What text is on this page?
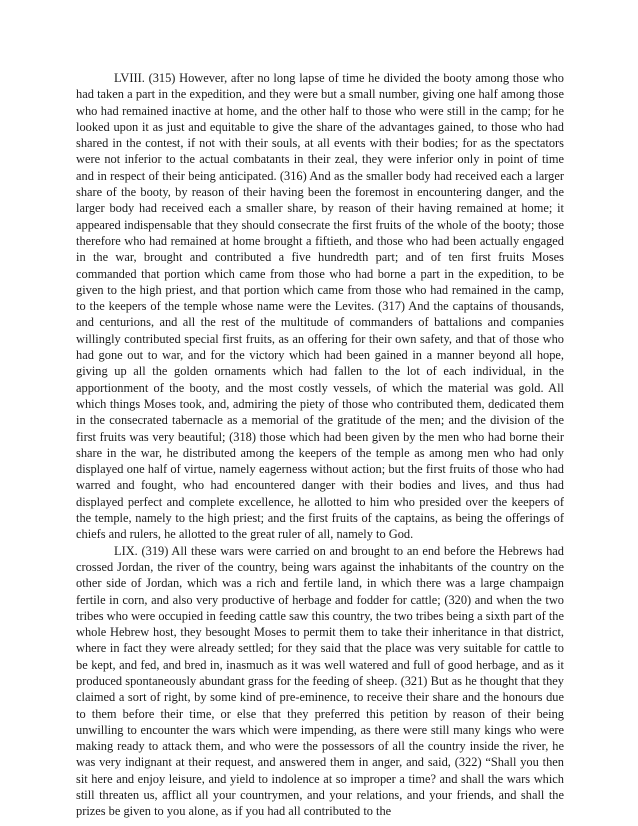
LVIII. (315) However, after no long lapse of time he divided the booty among those who had taken a part in the expedition, and they were but a small number, giving one half among those who had remained inactive at home, and the other half to those who were still in the camp; for he looked upon it as just and equitable to give the share of the advantages gained, to those who had shared in the contest, if not with their souls, at all events with their bodies; for as the spectators were not inferior to the actual combatants in their zeal, they were inferior only in point of time and in respect of their being anticipated. (316) And as the smaller body had received each a larger share of the booty, by reason of their having been the foremost in encountering danger, and the larger body had received each a smaller share, by reason of their having remained at home; it appeared indispensable that they should consecrate the first fruits of the whole of the booty; those therefore who had remained at home brought a fiftieth, and those who had been actually engaged in the war, brought and contributed a five hundredth part; and of ten first fruits Moses commanded that portion which came from those who had borne a part in the expedition, to be given to the high priest, and that portion which came from those who had remained in the camp, to the keepers of the temple whose name were the Levites. (317) And the captains of thousands, and centurions, and all the rest of the multitude of commanders of battalions and companies willingly contributed special first fruits, as an offering for their own safety, and that of those who had gone out to war, and for the victory which had been gained in a manner beyond all hope, giving up all the golden ornaments which had fallen to the lot of each individual, in the apportionment of the booty, and the most costly vessels, of which the material was gold. All which things Moses took, and, admiring the piety of those who contributed them, dedicated them in the consecrated tabernacle as a memorial of the gratitude of the men; and the division of the first fruits was very beautiful; (318) those which had been given by the men who had borne their share in the war, he distributed among the keepers of the temple as among men who had only displayed one half of virtue, namely eagerness without action; but the first fruits of those who had warred and fought, who had encountered danger with their bodies and lives, and thus had displayed perfect and complete excellence, he allotted to him who presided over the keepers of the temple, namely to the high priest; and the first fruits of the captains, as being the offerings of chiefs and rulers, he allotted to the great ruler of all, namely to God.

LIX. (319) All these wars were carried on and brought to an end before the Hebrews had crossed Jordan, the river of the country, being wars against the inhabitants of the country on the other side of Jordan, which was a rich and fertile land, in which there was a large champaign fertile in corn, and also very productive of herbage and fodder for cattle; (320) and when the two tribes who were occupied in feeding cattle saw this country, the two tribes being a sixth part of the whole Hebrew host, they besought Moses to permit them to take their inheritance in that district, where in fact they were already settled; for they said that the place was very suitable for cattle to be kept, and fed, and bred in, inasmuch as it was well watered and full of good herbage, and as it produced spontaneously abundant grass for the feeding of sheep. (321) But as he thought that they claimed a sort of right, by some kind of pre-eminence, to receive their share and the honours due to them before their time, or else that they preferred this petition by reason of their being unwilling to encounter the wars which were impending, as there were still many kings who were making ready to attack them, and who were the possessors of all the country inside the river, he was very indignant at their request, and answered them in anger, and said, (322) “Shall you then sit here and enjoy leisure, and yield to indolence at so improper a time? and shall the wars which still threaten us, afflict all your countrymen, and your relations, and your friends, and shall the prizes be given to you alone, as if you had all contributed to the
